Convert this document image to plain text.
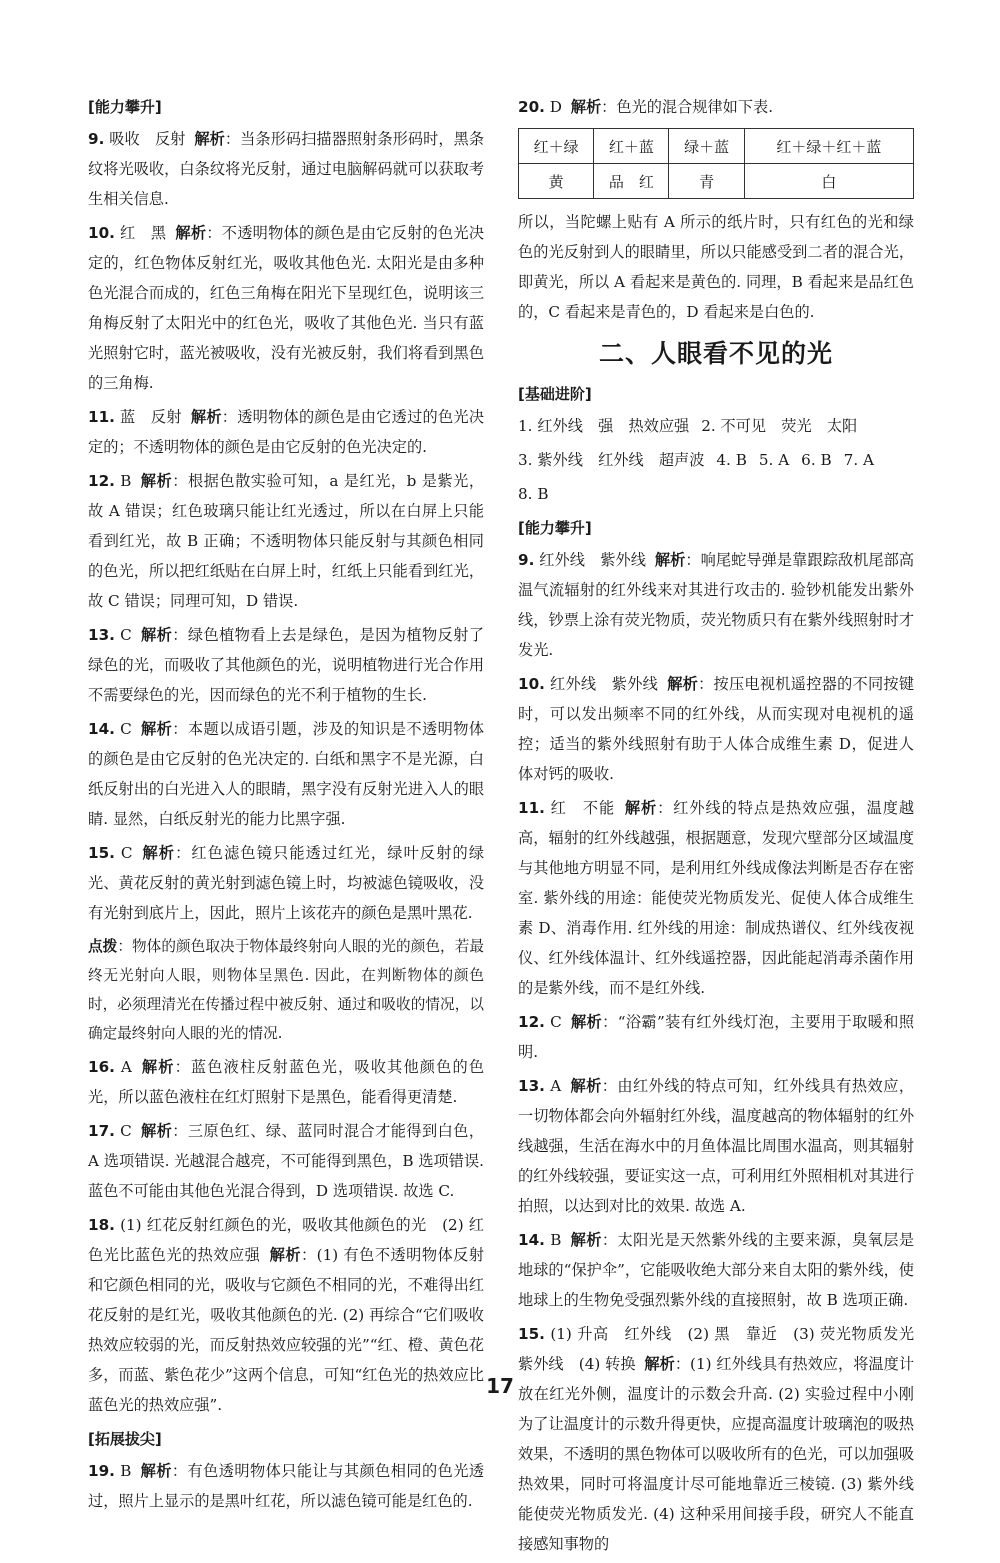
[能力攀升]

9. 吸收　反射 解析：当条形码扫描器照射条形码时，黑条纹将光吸收，白条纹将光反射，通过电脑解码就可以获取考生相关信息.

10. 红　黑 解析：不透明物体的颜色是由它反射的色光决定的，红色物体反射红光，吸收其他色光. 太阳光是由多种色光混合而成的，红色三角梅在阳光下呈现红色，说明该三角梅反射了太阳光中的红色光，吸收了其他色光. 当只有蓝光照射它时，蓝光被吸收，没有光被反射，我们将看到黑色的三角梅.

11. 蓝　反射 解析：透明物体的颜色是由它透过的色光决定的；不透明物体的颜色是由它反射的色光决定的.

12. B 解析：根据色散实验可知，a 是红光，b 是紫光，故 A 错误；红色玻璃只能让红光透过，所以在白屏上只能看到红光，故 B 正确；不透明物体只能反射与其颜色相同的色光，所以把红纸贴在白屏上时，红纸上只能看到红光，故 C 错误；同理可知，D 错误.

13. C 解析：绿色植物看上去是绿色，是因为植物反射了绿色的光，而吸收了其他颜色的光，说明植物进行光合作用不需要绿色的光，因而绿色的光不利于植物的生长.

14. C 解析：本题以成语引题，涉及的知识是不透明物体的颜色是由它反射的色光决定的. 白纸和黑字不是光源，白纸反射出的白光进入人的眼睛，黑字没有反射光进入人的眼睛. 显然，白纸反射光的能力比黑字强.

15. C 解析：红色滤色镜只能透过红光，绿叶反射的绿光、黄花反射的黄光射到滤色镜上时，均被滤色镜吸收，没有光射到底片上，因此，照片上该花卉的颜色是黑叶黑花.

点拨：物体的颜色取决于物体最终射向人眼的光的颜色，若最终无光射向人眼，则物体呈黑色. 因此，在判断物体的颜色时，必须理清光在传播过程中被反射、通过和吸收的情况，以确定最终射向人眼的光的情况.

16. A 解析：蓝色液柱反射蓝色光，吸收其他颜色的色光，所以蓝色液柱在红灯照射下是黑色，能看得更清楚.

17. C 解析：三原色红、绿、蓝同时混合才能得到白色，A 选项错误. 光越混合越亮，不可能得到黑色，B 选项错误. 蓝色不可能由其他色光混合得到，D 选项错误. 故选 C.

18. (1) 红花反射红颜色的光，吸收其他颜色的光　(2) 红色光比蓝色光的热效应强 解析：(1) 有色不透明物体反射和它颜色相同的光，吸收与它颜色不相同的光，不难得出红花反射的是红光，吸收其他颜色的光. (2) 再综合“它们吸收热效应较弱的光，而反射热效应较强的光”“红、橙、黄色花多，而蓝、紫色花少”这两个信息，可知“红色光的热效应比蓝色光的热效应强”.

[拓展拔尖]

19. B 解析：有色透明物体只能让与其颜色相同的色光透过，照片上显示的是黑叶红花，所以滤色镜可能是红色的.

20. D 解析：色光的混合规律如下表.

红＋绿	红＋蓝	绿＋蓝	红＋绿＋红＋蓝
黄	品　红	青	白

所以，当陀螺上贴有 A 所示的纸片时，只有红色的光和绿色的光反射到人的眼睛里，所以只能感受到二者的混合光，即黄光，所以 A 看起来是黄色的. 同理，B 看起来是品红色的，C 看起来是青色的，D 看起来是白色的.

二、人眼看不见的光
[基础进阶]
1. 红外线　强　热效应强 2. 不可见　荧光　太阳
3. 紫外线　红外线　超声波 4. B 5. A 6. B 7. A
8. B
[能力攀升]

9. 红外线　紫外线 解析：响尾蛇导弹是靠跟踪敌机尾部高温气流辐射的红外线来对其进行攻击的. 验钞机能发出紫外线，钞票上涂有荧光物质，荧光物质只有在紫外线照射时才发光.

10. 红外线　紫外线 解析：按压电视机遥控器的不同按键时，可以发出频率不同的红外线，从而实现对电视机的遥控；适当的紫外线照射有助于人体合成维生素 D，促进人体对钙的吸收.

11. 红　不能 解析：红外线的特点是热效应强，温度越高，辐射的红外线越强，根据题意，发现穴壁部分区域温度与其他地方明显不同，是利用红外线成像法判断是否存在密室. 紫外线的用途：能使荧光物质发光、促使人体合成维生素 D、消毒作用. 红外线的用途：制成热谱仪、红外线夜视仪、红外线体温计、红外线遥控器，因此能起消毒杀菌作用的是紫外线，而不是红外线.

12. C 解析：“浴霸”装有红外线灯泡，主要用于取暖和照明.

13. A 解析：由红外线的特点可知，红外线具有热效应，一切物体都会向外辐射红外线，温度越高的物体辐射的红外线越强，生活在海水中的月鱼体温比周围水温高，则其辐射的红外线较强，要证实这一点，可利用红外照相机对其进行拍照，以达到对比的效果. 故选 A.

14. B 解析：太阳光是天然紫外线的主要来源，臭氧层是地球的“保护伞”，它能吸收绝大部分来自太阳的紫外线，使地球上的生物免受强烈紫外线的直接照射，故 B 选项正确.

15. (1) 升高　红外线　(2) 黑　靠近　(3) 荧光物质发光　紫外线　(4) 转换 解析：(1) 红外线具有热效应，将温度计放在红光外侧，温度计的示数会升高. (2) 实验过程中小刚为了让温度计的示数升得更快，应提高温度计玻璃泡的吸热效果，不透明的黑色物体可以吸收所有的色光，可以加强吸热效果，同时可将温度计尽可能地靠近三棱镜. (3) 紫外线能使荧光物质发光. (4) 这种采用间接手段，研究人不能直接感知事物的

17
